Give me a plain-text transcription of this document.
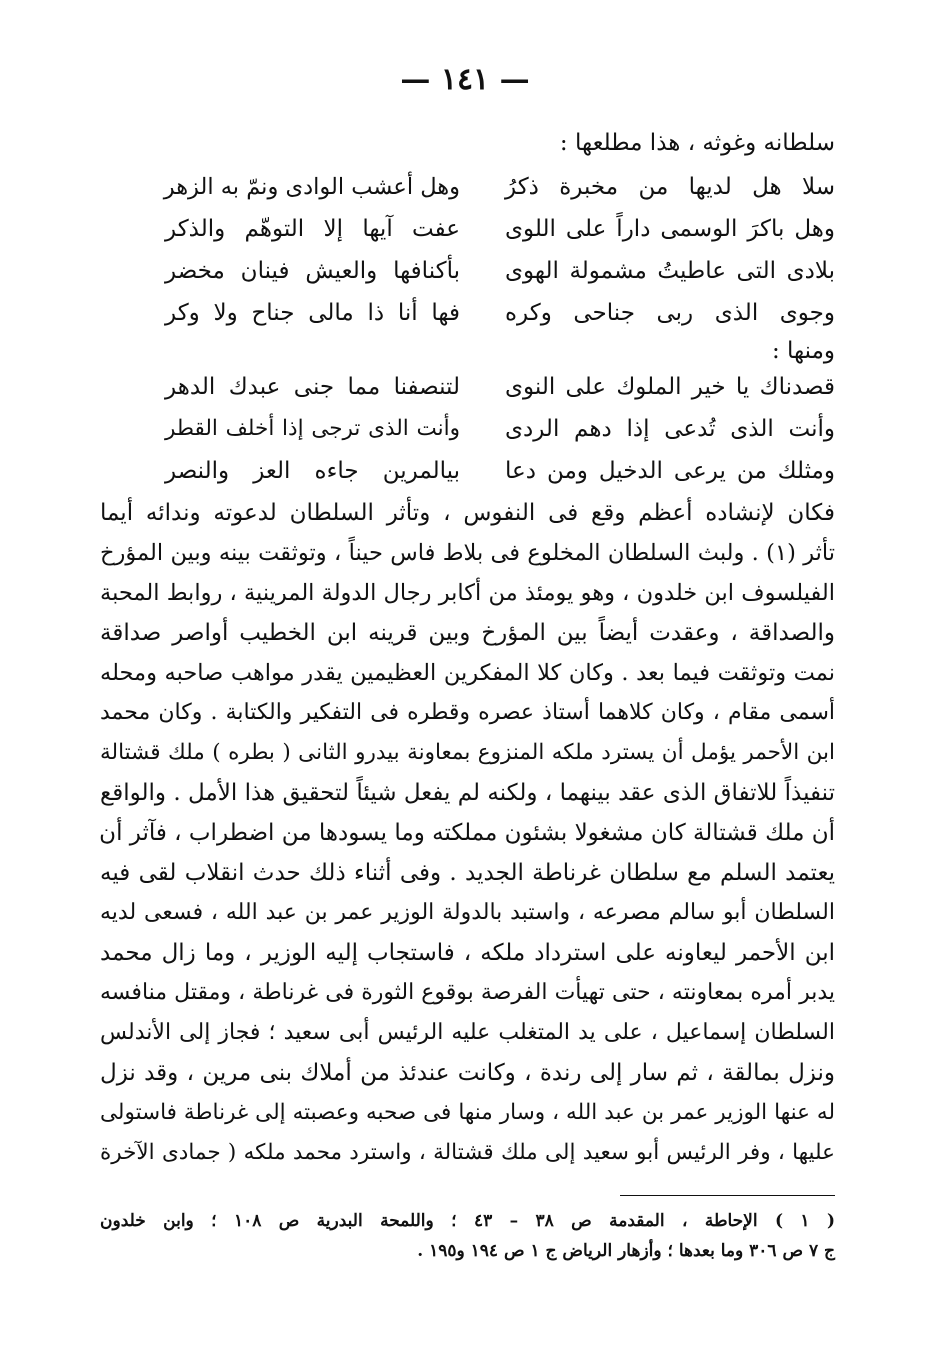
— ١٤١ —
سلطانه وغوثه ، هذا مطلعها :
سلا هل لديها من مخبرة ذكرُ
وهل أعشب الوادى ونمّ به الزهر
وهل باكرَ الوسمى داراً على اللوى
عفت آيها إلا التوهّم والذكر
بلادى التى عاطيتُ مشمولة الهوى
بأكنافها والعيش فينان مخضر
وجوى الذى ربى جناحى وكره
فها أنا ذا مالى جناح ولا وكر
ومنها :
قصدناك يا خير الملوك على النوى
لتنصفنا مما جنى عبدك الدهر
وأنت الذى تُدعى إذا دهم الردى
وأنت الذى ترجى إذا أخلف القطر
ومثلك من يرعى الدخيل ومن دعا
بيالمرين جاءه العز والنصر
فكان لإنشاده أعظم وقع فى النفوس ، وتأثر السلطان لدعوته وندائه أيما
تأثر (١) . ولبث السلطان المخلوع فى بلاط فاس حيناً ، وتوثقت بينه وبين المؤرخ
الفيلسوف ابن خلدون ، وهو يومئذ من أكابر رجال الدولة المرينية ، روابط المحبة
والصداقة ، وعقدت أيضاً بين المؤرخ وبين قرينه ابن الخطيب أواصر صداقة
نمت وتوثقت فيما بعد . وكان كلا المفكرين العظيمين يقدر مواهب صاحبه ومحله
أسمى مقام ، وكان كلاهما أستاذ عصره وقطره فى التفكير والكتابة . وكان محمد
ابن الأحمر يؤمل أن يسترد ملكه المنزوع بمعاونة بيدرو الثانى ( بطره ) ملك قشتالة
تنفيذاً للاتفاق الذى عقد بينهما ، ولكنه لم يفعل شيئاً لتحقيق هذا الأمل . والواقع
أن ملك قشتالة كان مشغولا بشئون مملكته وما يسودها من اضطراب ، فآثر أن
يعتمد السلم مع سلطان غرناطة الجديد . وفى أثناء ذلك حدث انقلاب لقى فيه
السلطان أبو سالم مصرعه ، واستبد بالدولة الوزير عمر بن عبد الله ، فسعى لديه
ابن الأحمر ليعاونه على استرداد ملكه ، فاستجاب إليه الوزير ، وما زال محمد
يدبر أمره بمعاونته ، حتى تهيأت الفرصة بوقوع الثورة فى غرناطة ، ومقتل منافسه
السلطان إسماعيل ، على يد المتغلب عليه الرئيس أبى سعيد ؛ فجاز إلى الأندلس
ونزل بمالقة ، ثم سار إلى رندة ، وكانت عندئذ من أملاك بنى مرين ، وقد نزل
له عنها الوزير عمر بن عبد الله ، وسار منها فى صحبه وعصبته إلى غرناطة فاستولى
عليها ، وفر الرئيس أبو سعيد إلى ملك قشتالة ، واسترد محمد ملكه ( جمادى الآخرة
( ١ ) الإحاطة ، المقدمة ص ٣٨ – ٤٣ ؛ واللمحة البدرية ص ١٠٨ ؛ وابن خلدون
ج ٧ ص ٣٠٦ وما بعدها ؛ وأزهار الرياض ج ١ ص ١٩٤ و١٩٥ .
